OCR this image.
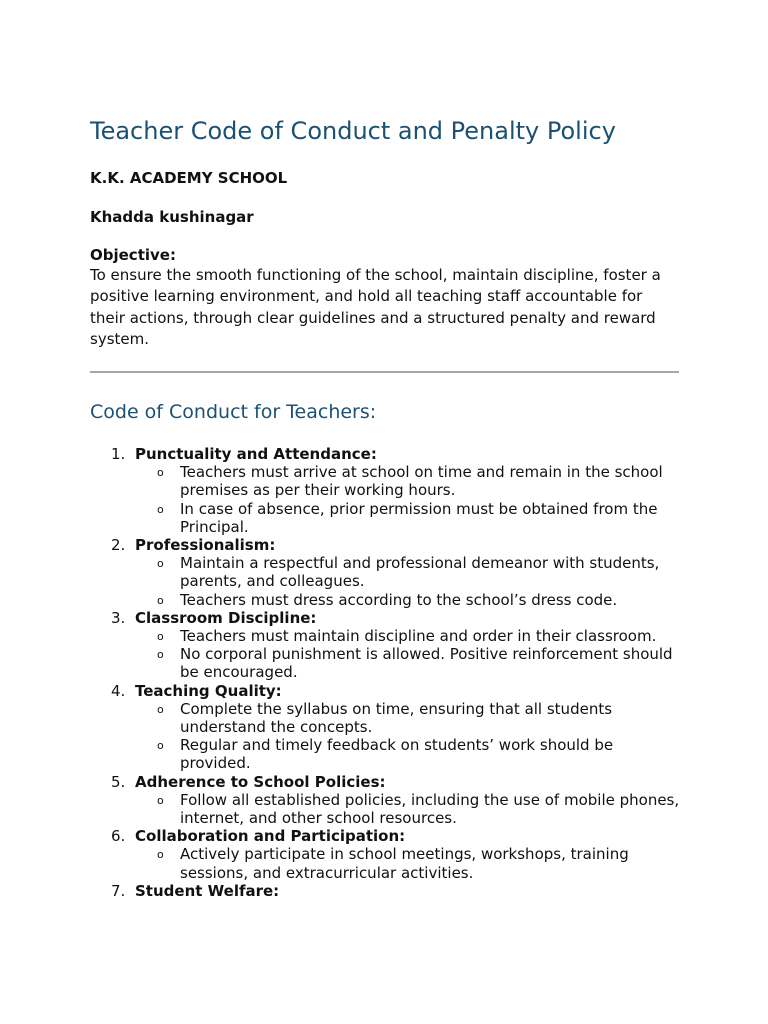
Teacher Code of Conduct and Penalty Policy

K.K. ACADEMY SCHOOL

Khadda kushinagar

Objective:

To ensure the smooth functioning of the school, maintain discipline, foster a positive learning environment, and hold all teaching staff accountable for their actions, through clear guidelines and a structured penalty and reward system.

Code of Conduct for Teachers:
1. Punctuality and Attendance:
o Teachers must arrive at school on time and remain in the school premises as per their working hours.
o In case of absence, prior permission must be obtained from the Principal.
2. Professionalism:
o Maintain a respectful and professional demeanor with students, parents, and colleagues.
o Teachers must dress according to the school’s dress code.
3. Classroom Discipline:
o Teachers must maintain discipline and order in their classroom.
o No corporal punishment is allowed. Positive reinforcement should be encouraged.
4. Teaching Quality:
o Complete the syllabus on time, ensuring that all students understand the concepts.
o Regular and timely feedback on students’ work should be provided.
5. Adherence to School Policies:
o Follow all established policies, including the use of mobile phones, internet, and other school resources.
6. Collaboration and Participation:
o Actively participate in school meetings, workshops, training sessions, and extracurricular activities.
7. Student Welfare:
